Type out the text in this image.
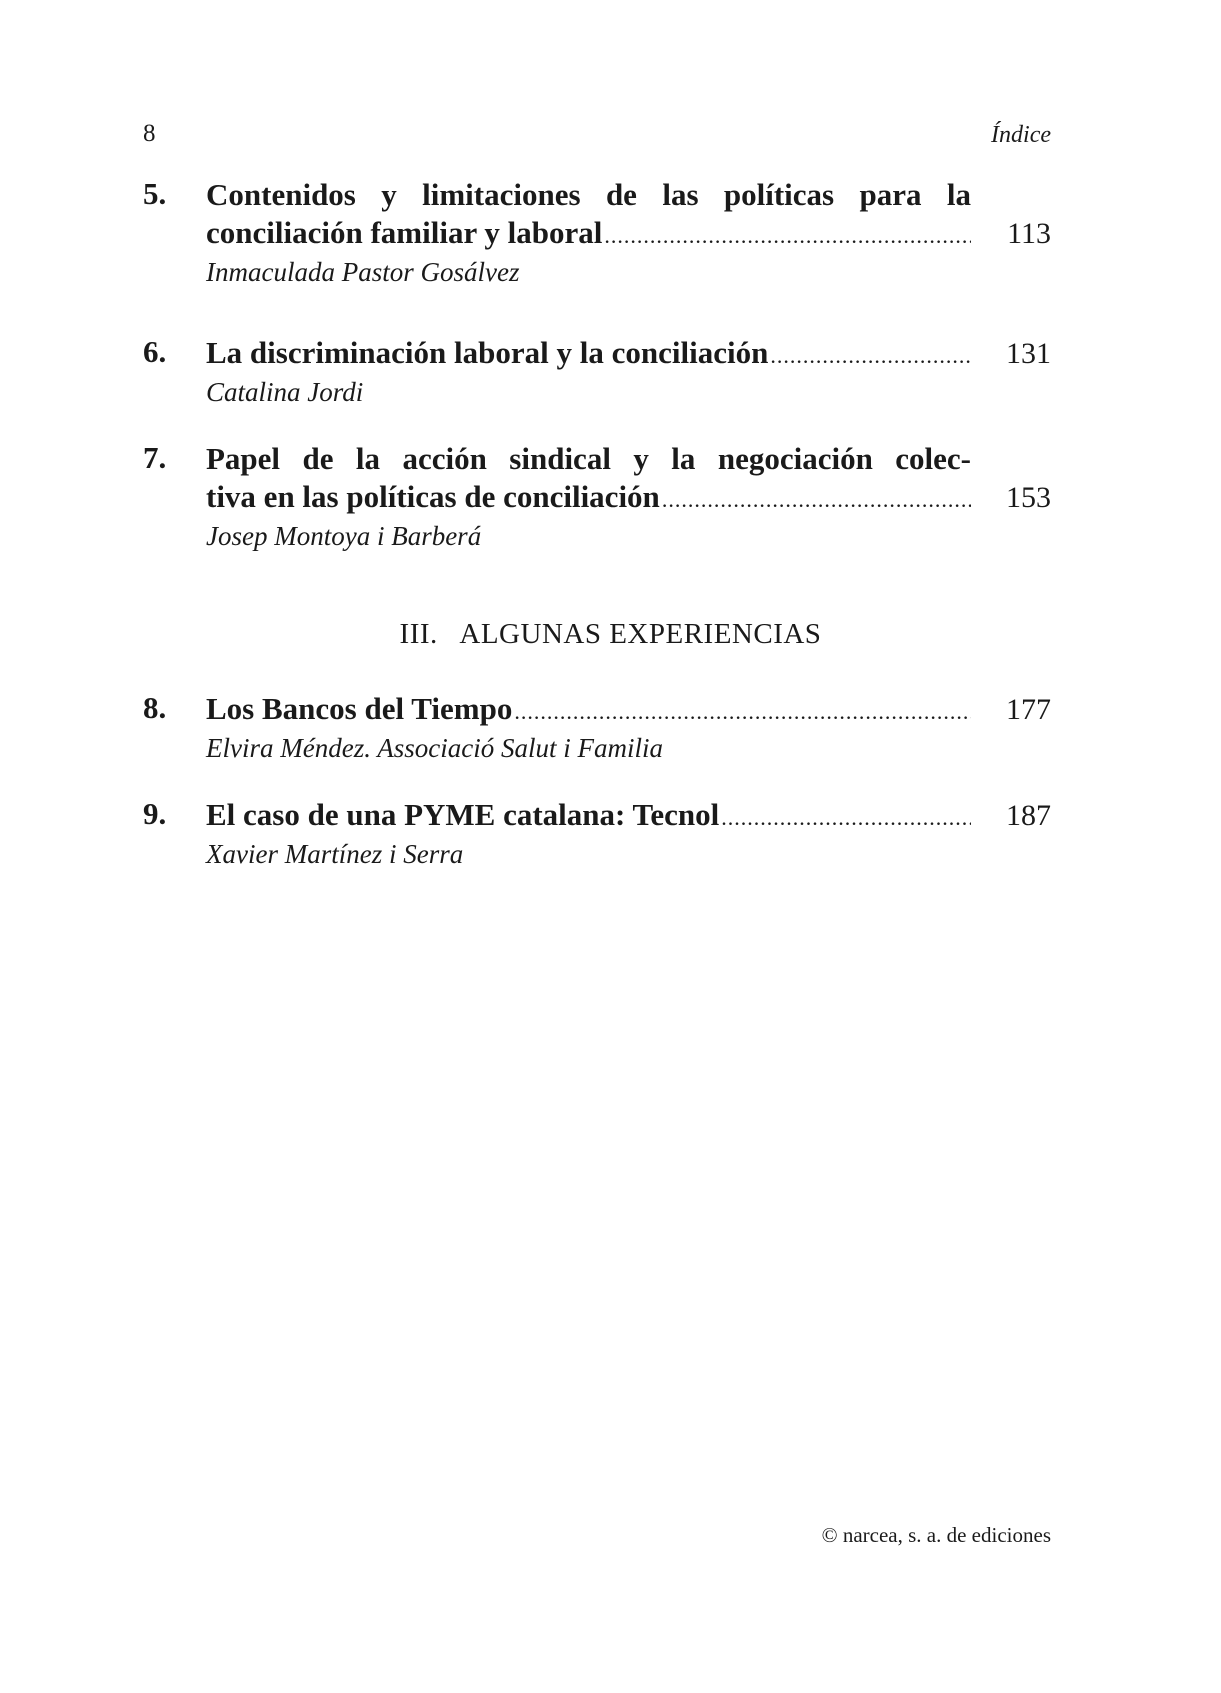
8	Índice
5. Contenidos y limitaciones de las políticas para la
conciliación familiar y laboral .....	113
Inmaculada Pastor Gosálvez
6. La discriminación laboral y la conciliación .....	131
Catalina Jordi
7. Papel de la acción sindical y la negociación colec-
tiva en las políticas de conciliación .....	153
Josep Montoya i Barberá
III.   ALGUNAS EXPERIENCIAS
8. Los Bancos del Tiempo .....	177
Elvira Méndez. Associació Salut i Familia
9. El caso de una PYME catalana: Tecnol .....	187
Xavier Martínez i Serra
© narcea, s. a. de ediciones
